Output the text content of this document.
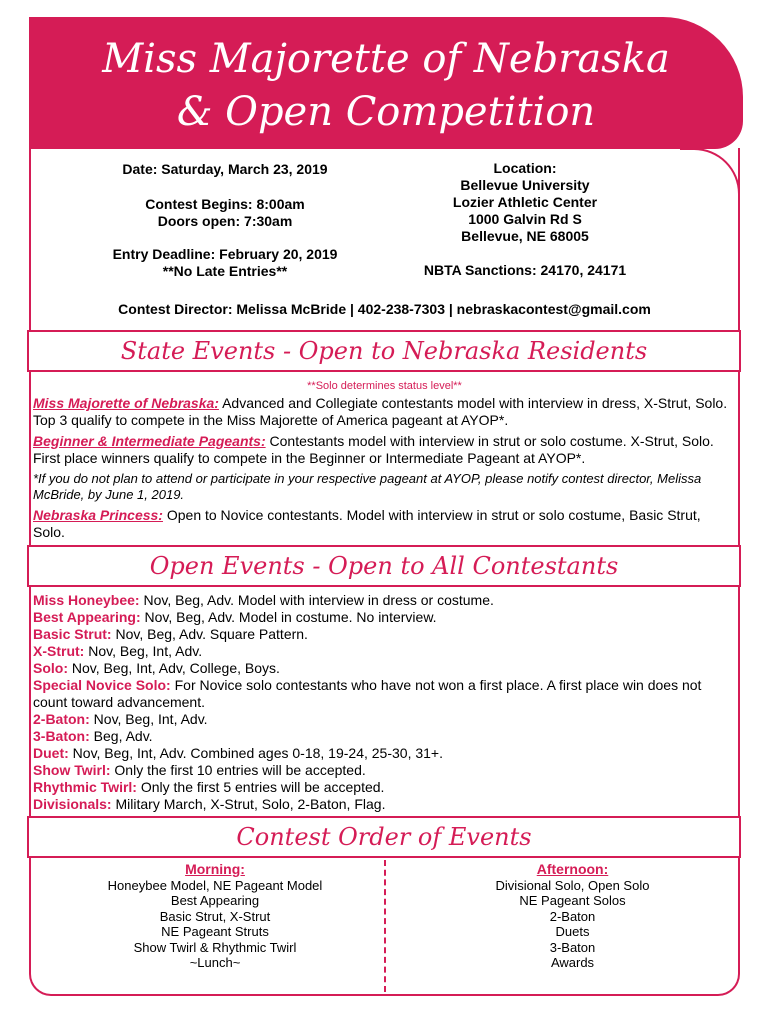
Miss Majorette of Nebraska
& Open Competition
Date: Saturday, March 23, 2019
Contest Begins: 8:00am
Doors open: 7:30am
Entry Deadline: February 20, 2019
**No Late Entries**
Location:
Bellevue University
Lozier Athletic Center
1000 Galvin Rd S
Bellevue, NE 68005
NBTA Sanctions: 24170, 24171
Contest Director: Melissa McBride | 402-238-7303 | nebraskacontest@gmail.com
State Events - Open to Nebraska Residents
**Solo determines status level**
Miss Majorette of Nebraska: Advanced and Collegiate contestants model with interview in dress, X-Strut, Solo. Top 3 qualify to compete in the Miss Majorette of America pageant at AYOP*.
Beginner & Intermediate Pageants: Contestants model with interview in strut or solo costume. X-Strut, Solo. First place winners qualify to compete in the Beginner or Intermediate Pageant at AYOP*.
*If you do not plan to attend or participate in your respective pageant at AYOP, please notify contest director, Melissa McBride, by June 1, 2019.
Nebraska Princess: Open to Novice contestants. Model with interview in strut or solo costume, Basic Strut, Solo.
Open Events - Open to All Contestants
Miss Honeybee: Nov, Beg, Adv. Model with interview in dress or costume.
Best Appearing: Nov, Beg, Adv. Model in costume. No interview.
Basic Strut: Nov, Beg, Adv. Square Pattern.
X-Strut: Nov, Beg, Int, Adv.
Solo: Nov, Beg, Int, Adv, College, Boys.
Special Novice Solo: For Novice solo contestants who have not won a first place. A first place win does not count toward advancement.
2-Baton: Nov, Beg, Int, Adv.
3-Baton: Beg, Adv.
Duet: Nov, Beg, Int, Adv. Combined ages 0-18, 19-24, 25-30, 31+.
Show Twirl: Only the first 10 entries will be accepted.
Rhythmic Twirl: Only the first 5 entries will be accepted.
Divisionals: Military March, X-Strut, Solo, 2-Baton, Flag.
Contest Order of Events
Morning:
Honeybee Model, NE Pageant Model
Best Appearing
Basic Strut, X-Strut
NE Pageant Struts
Show Twirl & Rhythmic Twirl
~Lunch~
Afternoon:
Divisional Solo, Open Solo
NE Pageant Solos
2-Baton
Duets
3-Baton
Awards
